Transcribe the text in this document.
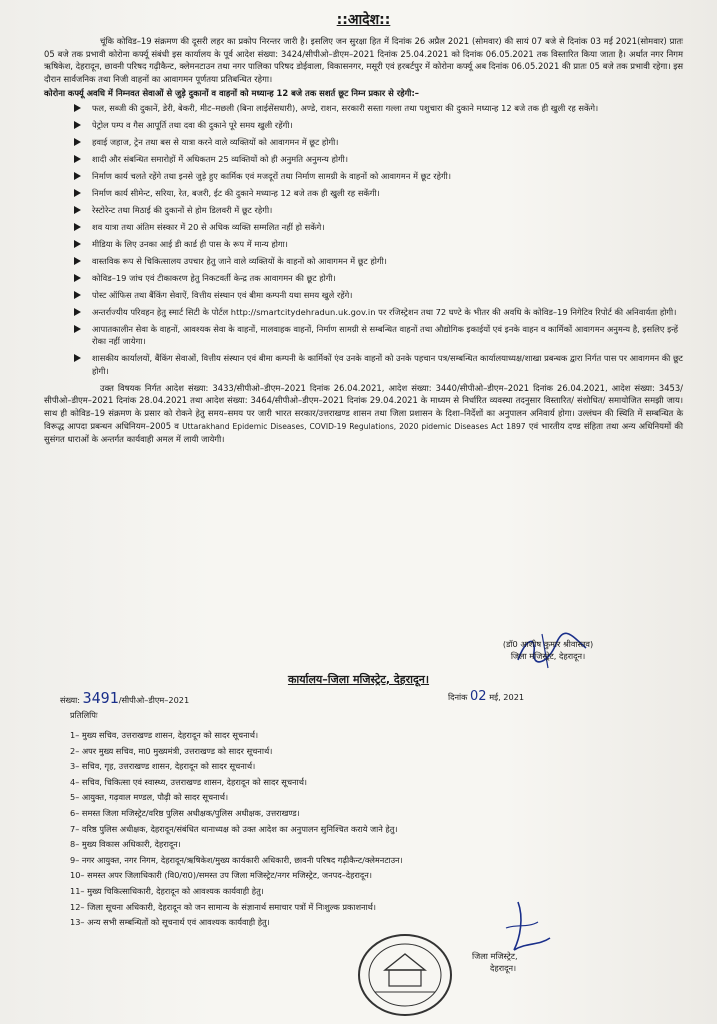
::आदेश::

चूंकि कोविड–19 संक्रमण की दूसरी लहर का प्रकोप निरन्तर जारी है। इसलिए जन सुरक्षा हित में दिनांक 26 अप्रैल 2021 (सोमवार) की सायं 07 बजे से दिनांक 03 मई 2021(सोमवार) प्रातः 05 बजे तक प्रभावी कोरोना कर्फ्यू संबंधी इस कार्यालय के पूर्व आदेश संख्या: 3424/सीपीओ–डीएम–2021 दिनांक 25.04.2021 को दिनांक 06.05.2021 तक विस्तारित किया जाता है। अर्थात नगर निगम ऋषिकेश, देहरादून, छावनी परिषद गढ़ीकैन्ट, क्लेमनटाउन तथा नगर पालिका परिषद डोईवाला, विकासनगर, मसूरी एवं हरबर्टपुर में कोरोना कर्फ्यू अब दिनांक 06.05.2021 की प्रातः 05 बजे तक प्रभावी रहेगा। इस दौरान सार्वजनिक तथा निजी वाहनों का आवागमन पूर्णतया प्रतिबन्धित रहेगा।

कोरोना कर्फ्यू अवधि में निम्नवत सेवाओं से जुड़े दुकानों व वाहनों को मध्यान्ह 12 बजे तक सशर्त छूट निम्न प्रकार से रहेगी:–

फल, सब्जी की दुकानें, डेरी, बेकरी, मीट–मछली (बिना लाईसेंसधारी), अण्डे, राशन, सरकारी सस्ता गल्ला तथा पशुचारा की दुकाने मध्यान्ह 12 बजे तक ही खुली रह सकेंगे।
पेट्रोल पम्प व गैस आपूर्ति तथा दवा की दुकाने पूरे समय खुली रहेंगी।
हवाई जहाज, ट्रेन तथा बस से यात्रा करने वाले व्यक्तियों को आवागमन में छूट होगी।
शादी और संबन्धित समारोहों में अधिकतम 25 व्यक्तियों को ही अनुमति अनुमन्य होगी।
निर्माण कार्य चलते रहेंगे तथा इनसे जुड़े हुए कार्मिक एवं मजदूरों तथा निर्माण सामग्री के वाहनों को आवागमन में छूट रहेगी।
निर्माण कार्य सीमेन्ट, सरिया, रेत, बजरी, ईट की दुकाने मध्यान्ह 12 बजे तक ही खुली रह सकेंगी।
रेस्टोरेन्ट तथा मिठाई की दुकानों से होम डिलवरी में छूट रहेगी।
शव यात्रा तथा अंतिम संस्कार में 20 से अधिक व्यक्ति सम्मलित नहीं हो सकेंगे।
मीडिया के लिए उनका आई डी कार्ड ही पास के रूप में मान्य होगा।
वास्तविक रूप से चिकित्सालय उपचार हेतु जाने वाले व्यक्तियों के वाहनों को आवागमन में छूट होगी।
कोविड–19 जांच एवं टीकाकरण हेतु निकटवर्ती केन्द्र तक आवागमन की छूट होगी।
पोस्ट ऑफिस तथा बैंकिंग सेवाऐं, वित्तीय संस्थान एवं बीमा कम्पनी यथा समय खुले रहेंगे।
अन्तर्राज्यीय परिवहन हेतु स्मार्ट सिटी के पोर्टल http://smartcitydehradun.uk.gov.in पर रजिस्ट्रेशन तथा 72 घण्टे के भीतर की अवधि के कोविड–19 निगेटिव रिपोर्ट की अनिवार्यता होगी।
आपातकालीन सेवा के वाहनों, आवश्यक सेवा के वाहनों, मालवाहक वाहनों, निर्माण सामग्री से सम्बन्धित वाहनों तथा औद्योगिक इकाईयों एवं इनके वाहन व कार्मिकों आवागमन अनुमन्य है, इसलिए इन्हें रोका नहीं जायेगा।
शासकीय कार्यालयों, बैंकिंग सेवाओं, वित्तीय संस्थान एवं बीमा कम्पनी के कार्मिकों एंव उनके वाहनों को उनके पहचान पत्र/सम्बन्धित कार्यालयाध्यक्ष/शाखा प्रबन्धक द्वारा निर्गत पास पर आवागमन की छूट होगी।

उक्त विषयक निर्गत आदेश संख्या: 3433/सीपीओ–डीएम–2021 दिनांक 26.04.2021, आदेश संख्या: 3440/सीपीओ–डीएम–2021 दिनांक 26.04.2021, आदेश संख्या: 3453/सीपीओ–डीएम–2021 दिनांक 28.04.2021 तथा आदेश संख्या: 3464/सीपीओ–डीएम–2021 दिनांक 29.04.2021 के माध्यम से निर्धारित व्यवस्था तदनुसार विस्तारित/ संशोधित/ समायोजित समझी जाय। साथ ही कोविड–19 संक्रमण के प्रसार को रोकने हेतु समय–समय पर जारी भारत सरकार/उत्तराखण्ड शासन तथा जिला प्रशासन के दिशा–निर्देशों का अनुपालन अनिवार्य होगा। उल्लंघन की स्थिति में सम्बन्धित के विरूद्ध आपदा प्रबन्धन अधिनियम–2005 व Uttarakhand Epidemic Diseases, COVID-19 Regulations, 2020 pidemic Diseases Act 1897 एवं भारतीय दण्ड संहिता तथा अन्य अधिनियमों की सुसंगत धाराओं के अन्तर्गत कार्यवाही अमल में लायी जायेगी।

(डॉ0 आशीष कुमार श्रीवास्तव)
जिला मजिस्ट्रेट, देहरादून।
कार्यालय–जिला मजिस्ट्रेट, देहरादून।
संख्या: 3491/सीपीओ–डीएम–2021	दिनांक 02 मई, 2021
प्रतिलिपिः
1– मुख्य सचिव, उत्तराखण्ड शासन, देहरादून को सादर सूचनार्थ।
2– अपर मुख्य सचिव, मा0 मुख्यमंत्री, उत्तराखण्ड को सादर सूचनार्थ।
3– सचिव, गृह, उत्तराखण्ड शासन, देहरादून को सादर सूचनार्थ।
4– सचिव, चिकित्सा एवं स्वास्थ्य, उत्तराखण्ड शासन, देहरादून को सादर सूचनार्थ।
5– आयुक्त, गढ़वाल मण्डल, पौढ़ी को सादर सूचनार्थ।
6– समस्त जिला मजिस्ट्रेट/वरिष्ठ पुलिस अधीक्षक/पुलिस अधीक्षक, उत्तराखण्ड।
7– वरिष्ठ पुलिस अधीक्षक, देहरादून/संबंधित थानाध्यक्ष को उक्त आदेश का अनुपालन सुनिश्चित कराये जाने हेतु।
8– मुख्य विकास अधिकारी, देहरादून।
9– नगर आयुक्त, नगर निगम, देहरादून/ऋषिकेश/मुख्य कार्यकारी अधिकारी, छावनी परिषद गढ़ीकैन्ट/क्लेमनटाउन।
10– समस्त अपर जिलाधिकारी (वि0/रा0)/समस्त उप जिला मजिस्ट्रेट/नगर मजिस्ट्रेट, जनपद–देहरादून।
11– मुख्य चिकित्साधिकारी, देहरादून को आवश्यक कार्यवाही हेतु।
12– जिला सूचना अधिकारी, देहरादून को जन सामान्य के संज्ञानार्थ समाचार पत्रों में निःशुल्क प्रकाशनार्थ।
13– अन्य सभी सम्बन्धितों को सूचनार्थ एवं आवश्यक कार्यवाही हेतु।
जिला मजिस्ट्रेट,
देहरादून।
